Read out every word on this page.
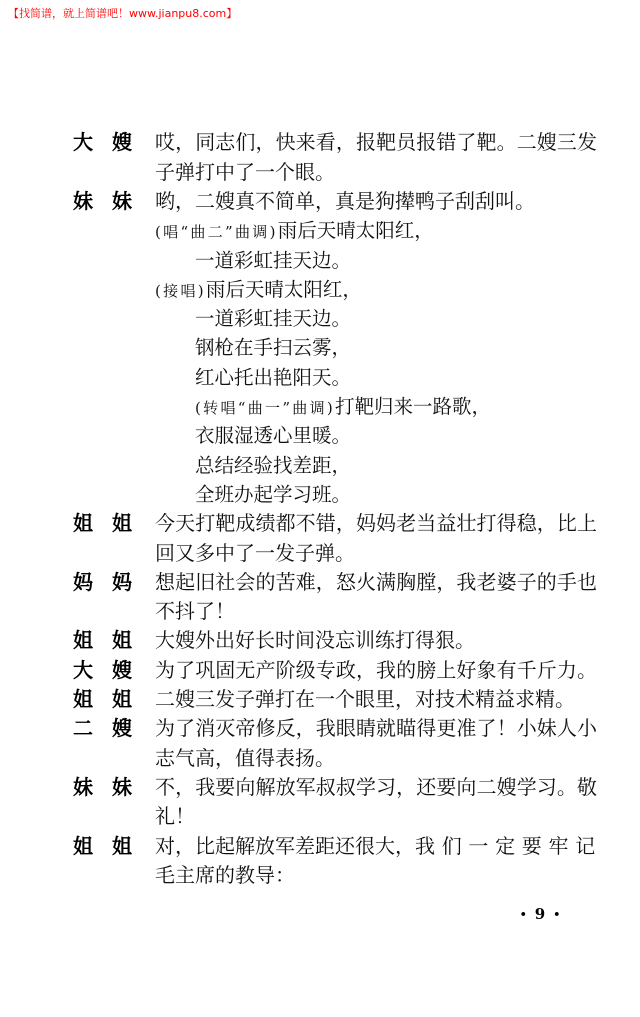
【找简谱，就上简谱吧！www.jianpu8.com】
大 嫂 哎，同志们，快来看，报靶员报错了靶。二嫂三发
子弹打中了一个眼。
妹 妹 哟，二嫂真不简单，真是狗撵鸭子刮刮叫。
(唱“曲二”曲调)雨后天晴太阳红，
一道彩虹挂天边。
(接唱)雨后天晴太阳红，
一道彩虹挂天边。
钢枪在手扫云雾，
红心托出艳阳天。
(转唱“曲一”曲调)打靶归来一路歌，
衣服湿透心里暖。
总结经验找差距，
全班办起学习班。
姐 姐 今天打靶成绩都不错，妈妈老当益壮打得稳，比上
回又多中了一发子弹。
妈 妈 想起旧社会的苦难，怒火满胸膛，我老婆子的手也
不抖了！
姐 姐 大嫂外出好长时间没忘训练打得狠。
大 嫂 为了巩固无产阶级专政，我的膀上好象有千斤力。
姐 姐 二嫂三发子弹打在一个眼里，对技术精益求精。
二 嫂 为了消灭帝修反，我眼睛就瞄得更准了！小妹人小
志气高，值得表扬。
妹 妹 不，我要向解放军叔叔学习，还要向二嫂学习。敬
礼！
姐 姐 对，比起解放军差距还很大，我们一定要牢记
毛主席的教导：
• 9 •
